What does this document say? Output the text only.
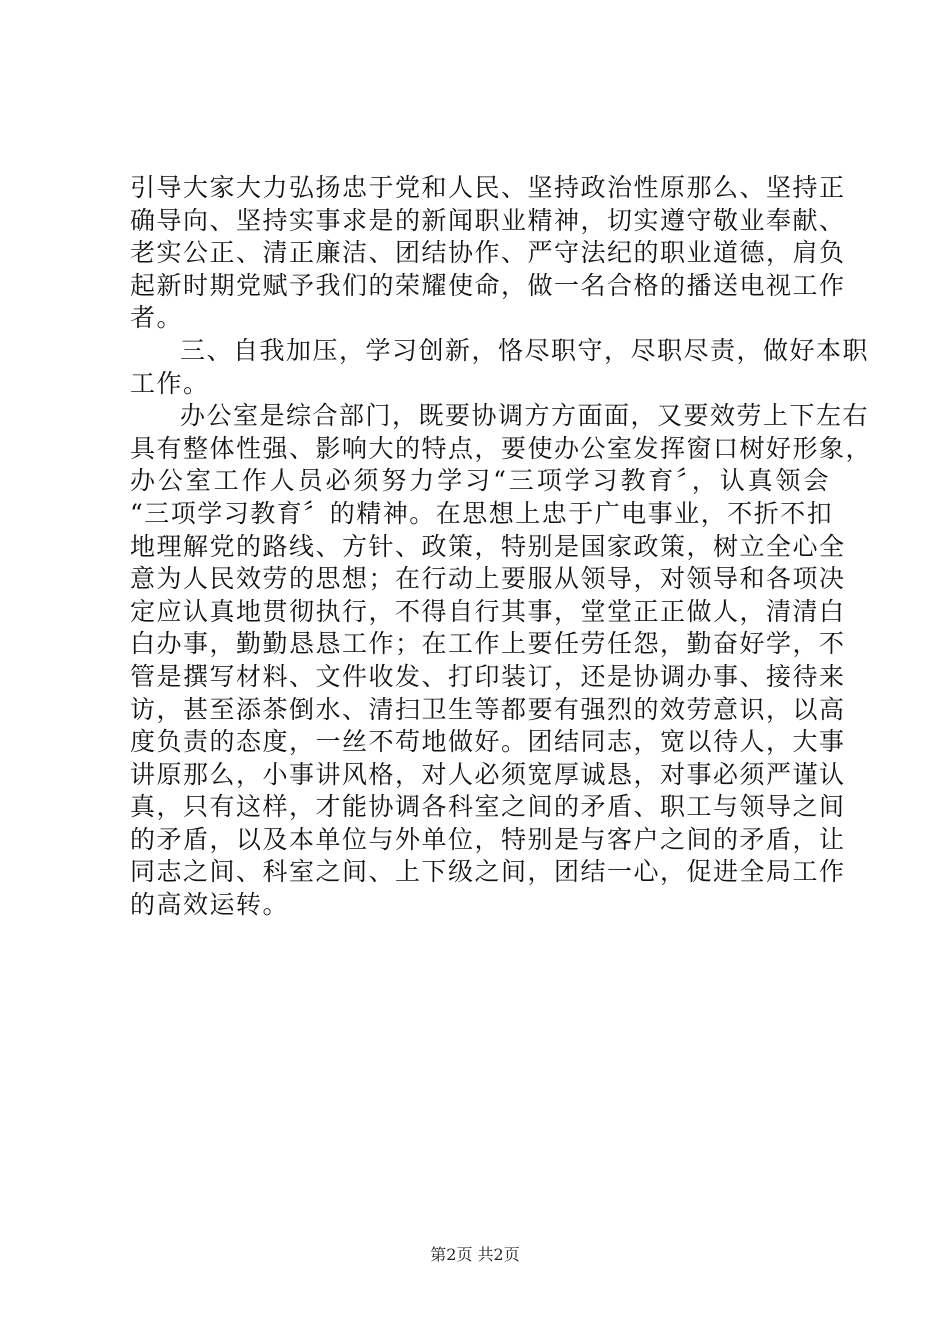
引导大家大力弘扬忠于党和人民、坚持政治性原那么、坚持正
确导向、坚持实事求是的新闻职业精神，切实遵守敬业奉献、
老实公正、清正廉洁、团结协作、严守法纪的职业道德，肩负
起新时期党赋予我们的荣耀使命，做一名合格的播送电视工作
者。
三、自我加压，学习创新，恪尽职守，尽职尽责，做好本职
工作。
办公室是综合部门，既要协调方方面面，又要效劳上下左右
具有整体性强、影响大的特点，要使办公室发挥窗口树好形象，
办公室工作人员必须努力学习“三项学习教育〞，认真领会
“三项学习教育〞的精神。在思想上忠于广电事业，不折不扣
地理解党的路线、方针、政策，特别是国家政策，树立全心全
意为人民效劳的思想；在行动上要服从领导，对领导和各项决
定应认真地贯彻执行，不得自行其事，堂堂正正做人，清清白
白办事，勤勤恳恳工作；在工作上要任劳任怨，勤奋好学，不
管是撰写材料、文件收发、打印装订，还是协调办事、接待来
访，甚至添茶倒水、清扫卫生等都要有强烈的效劳意识，以高
度负责的态度，一丝不苟地做好。团结同志，宽以待人，大事
讲原那么，小事讲风格，对人必须宽厚诚恳，对事必须严谨认
真，只有这样，才能协调各科室之间的矛盾、职工与领导之间
的矛盾，以及本单位与外单位，特别是与客户之间的矛盾，让
同志之间、科室之间、上下级之间，团结一心，促进全局工作
的高效运转。
第2页 共2页
